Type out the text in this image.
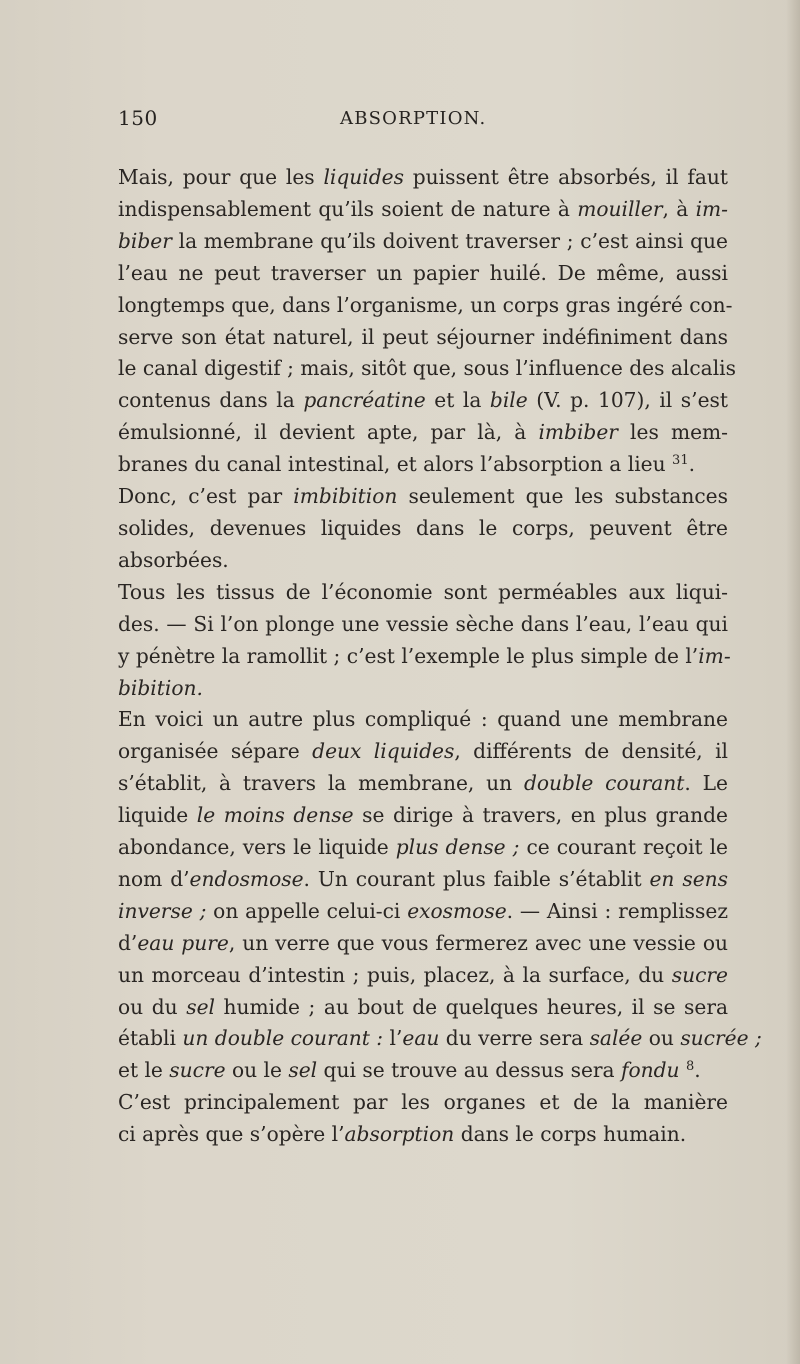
150	ABSORPTION.
Mais, pour que les liquides puissent être absorbés, il faut
indispensablement qu’ils soient de nature à mouiller, à im-
biber la membrane qu’ils doivent traverser ; c’est ainsi que
l’eau ne peut traverser un papier huilé. De même, aussi
longtemps que, dans l’organisme, un corps gras ingéré con-
serve son état naturel, il peut séjourner indéfiniment dans
le canal digestif ; mais, sitôt que, sous l’influence des alcalis
contenus dans la pancréatine et la bile (V. p. 107), il s’est
émulsionné, il devient apte, par là, à imbiber les mem-
branes du canal intestinal, et alors l’absorption a lieu $^{31}$.
Donc, c’est par imbibition seulement que les substances
solides, devenues liquides dans le corps, peuvent être
absorbées.
Tous les tissus de l’économie sont perméables aux liqui-
des. — Si l’on plonge une vessie sèche dans l’eau, l’eau qui
y pénètre la ramollit ; c’est l’exemple le plus simple de l’im-
bibition.
En voici un autre plus compliqué : quand une membrane
organisée sépare deux liquides, différents de densité, il
s’établit, à travers la membrane, un double courant. Le
liquide le moins dense se dirige à travers, en plus grande
abondance, vers le liquide plus dense ; ce courant reçoit le
nom d’endosmose. Un courant plus faible s’établit en sens
inverse ; on appelle celui-ci exosmose. — Ainsi : remplissez
d’eau pure, un verre que vous fermerez avec une vessie ou
un morceau d’intestin ; puis, placez, à la surface, du sucre
ou du sel humide ; au bout de quelques heures, il se sera
établi un double courant : l’eau du verre sera salée ou sucrée ;
et le sucre ou le sel qui se trouve au dessus sera fondu $^8$.
C’est principalement par les organes et de la manière
ci après que s’opère l’absorption dans le corps humain.
